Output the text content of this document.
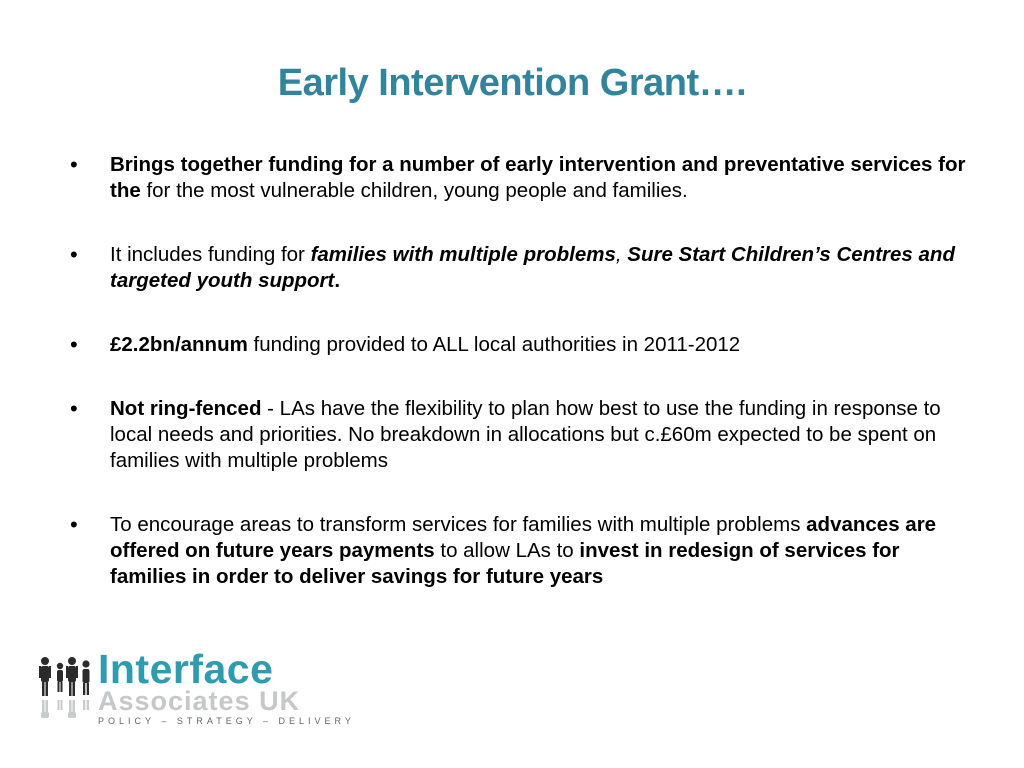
Early Intervention Grant….
• Brings together funding for a number of early intervention and preventative services for the for the most vulnerable children, young people and families.
• It includes funding for families with multiple problems, Sure Start Children’s Centres and targeted youth support.
• £2.2bn/annum funding provided to ALL local authorities in 2011-2012
• Not ring-fenced - LAs have the flexibility to plan how best to use the funding in response to local needs and priorities. No breakdown in allocations but c.£60m expected to be spent on families with multiple problems
• To encourage areas to transform services for families with multiple problems advances are offered on future years payments to allow LAs to invest in redesign of services for families in order to deliver savings for future years
Interface
Associates UK
POLICY – STRATEGY – DELIVERY
